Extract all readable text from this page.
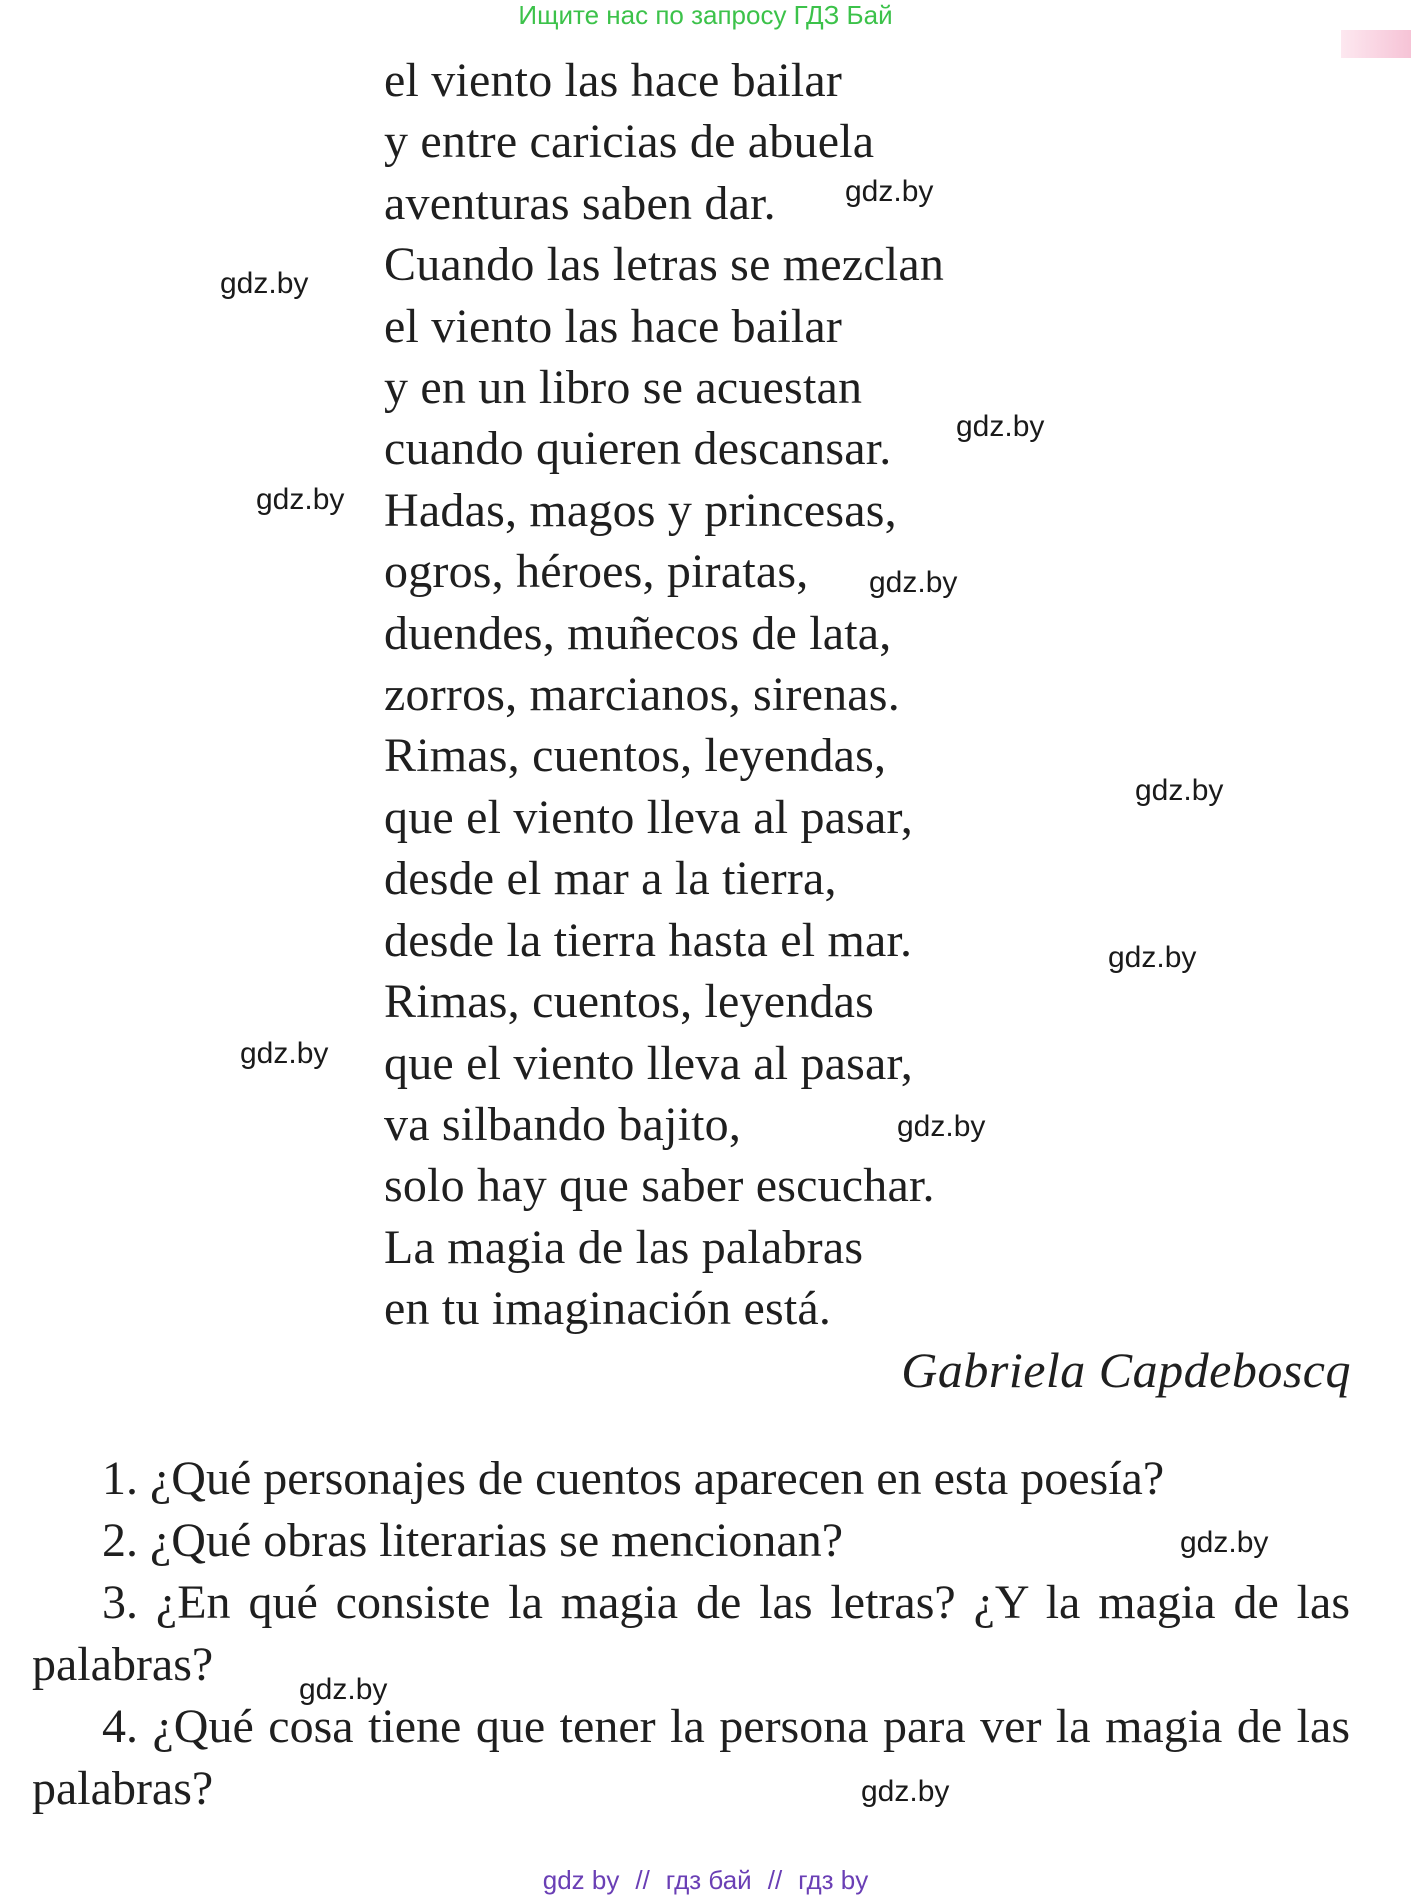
Ищите нас по запросу ГДЗ Бай
el viento las hace bailar
y entre caricias de abuela
aventuras saben dar.
Cuando las letras se mezclan
el viento las hace bailar
y en un libro se acuestan
cuando quieren descansar.
Hadas, magos y princesas,
ogros, héroes, piratas,
duendes, muñecos de lata,
zorros, marcianos, sirenas.
Rimas, cuentos, leyendas,
que el viento lleva al pasar,
desde el mar a la tierra,
desde la tierra hasta el mar.
Rimas, cuentos, leyendas
que el viento lleva al pasar,
va silbando bajito,
solo hay que saber escuchar.
La magia de las palabras
en tu imaginación está.
Gabriela Capdeboscq

1. ¿Qué personajes de cuentos aparecen en esta poesía?

2. ¿Qué obras literarias se mencionan?

3. ¿En qué consiste la magia de las letras? ¿Y la magia de las palabras?

4. ¿Qué cosa tiene que tener la persona para ver la magia de las palabras?

gdz.by
gdz.by
gdz.by
gdz.by
gdz.by
gdz.by
gdz.by
gdz.by
gdz.by
gdz.by
gdz.by
gdz.by
gdz by // гдз бай // гдз by
